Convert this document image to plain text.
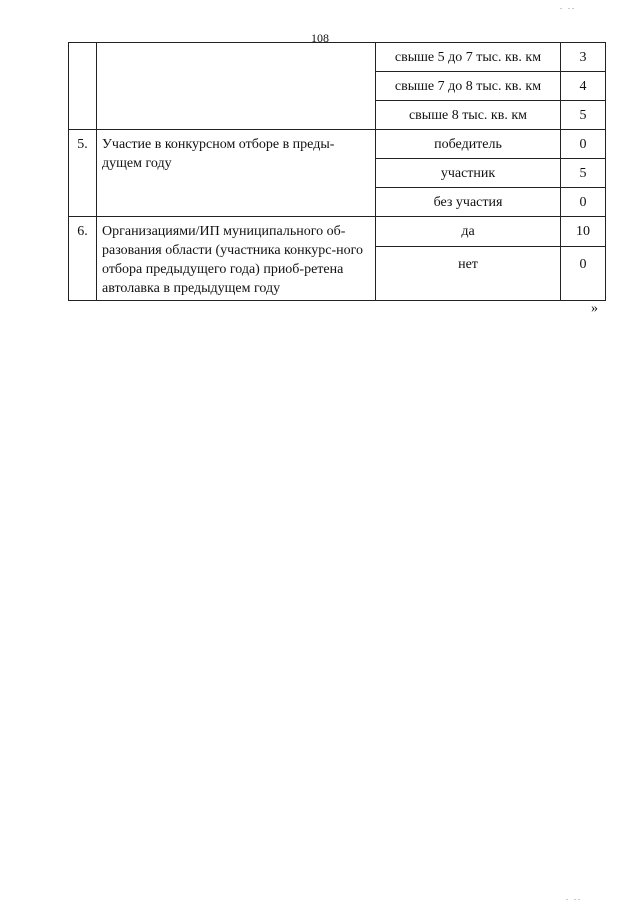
108
		свыше 5 до 7 тыс. кв. км	3
		свыше 7 до 8 тыс. кв. км	4
		свыше 8 тыс. кв. км	5
5.	Участие в конкурсном отборе в преды-дущем году	победитель	0
		участник	5
		без участия	0
6.	Организациями/ИП муниципального об-разования области (участника конкурс-ного отбора предыдущего года) приоб-ретена автолавка в предыдущем году	да	10
		нет	0
»
. ..
. ..
